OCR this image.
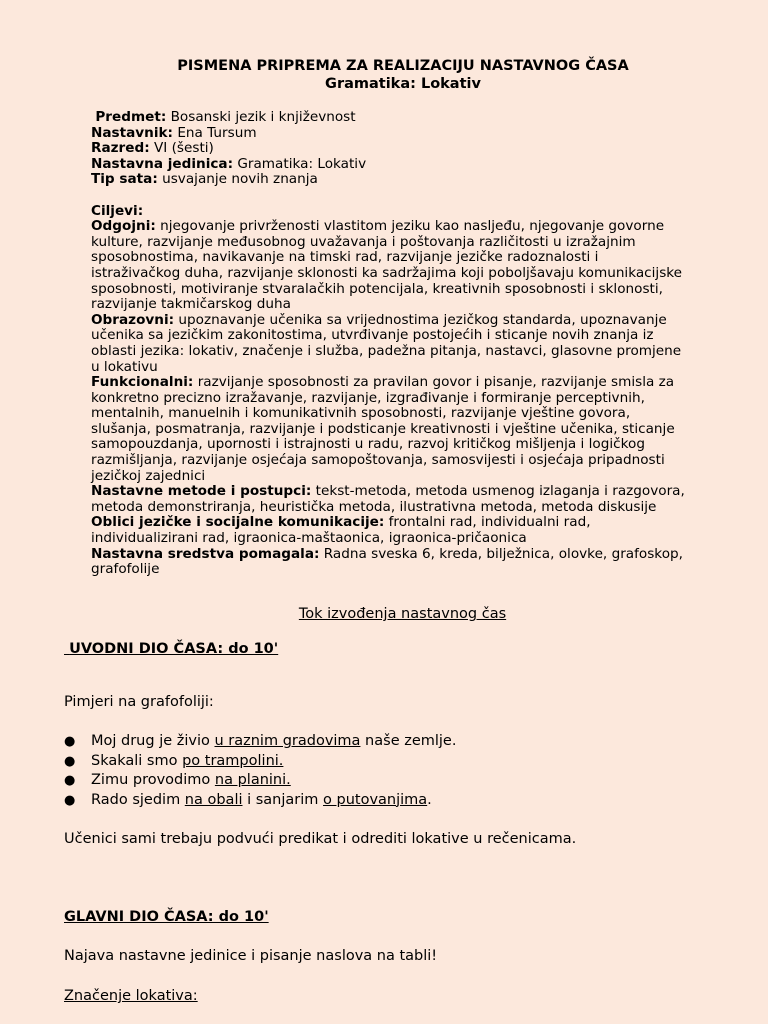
PISMENA PRIPREMA ZA REALIZACIJU NASTAVNOG ČASA
Gramatika: Lokativ
Predmet: Bosanski jezik i književnost
Nastavnik: Ena Tursum
Razred: VI (šesti)
Nastavna jedinica: Gramatika: Lokativ
Tip sata: usvajanje novih znanja
Ciljevi:
Odgojni: njegovanje privrženosti vlastitom jeziku kao nasljeđu, njegovanje govorne
kulture, razvijanje međusobnog uvažavanja i poštovanja različitosti u izražajnim
sposobnostima, navikavanje na timski rad, razvijanje jezičke radoznalosti i
istraživačkog duha, razvijanje sklonosti ka sadržajima koji poboljšavaju komunikacijske
sposobnosti, motiviranje stvaralačkih potencijala, kreativnih sposobnosti i sklonosti,
razvijanje takmičarskog duha
Obrazovni: upoznavanje učenika sa vrijednostima jezičkog standarda, upoznavanje
učenika sa jezičkim zakonitostima, utvrđivanje postojećih i sticanje novih znanja iz
oblasti jezika: lokativ, značenje i služba, padežna pitanja, nastavci, glasovne promjene
u lokativu
Funkcionalni: razvijanje sposobnosti za pravilan govor i pisanje, razvijanje smisla za
konkretno precizno izražavanje, razvijanje, izgrađivanje i formiranje perceptivnih,
mentalnih, manuelnih i komunikativnih sposobnosti, razvijanje vještine govora,
slušanja, posmatranja, razvijanje i podsticanje kreativnosti i vještine učenika, sticanje
samopouzdanja, upornosti i istrajnosti u radu, razvoj kritičkog mišljenja i logičkog
razmišljanja, razvijanje osjećaja samopoštovanja, samosvijesti i osjećaja pripadnosti
jezičkoj zajednici
Nastavne metode i postupci: tekst-metoda, metoda usmenog izlaganja i razgovora,
metoda demonstriranja, heuristička metoda, ilustrativna metoda, metoda diskusije
Oblici jezičke i socijalne komunikacije: frontalni rad, individualni rad,
individualizirani rad, igraonica-maštaonica, igraonica-pričaonica
Nastavna sredstva pomagala: Radna sveska 6, kreda, bilježnica, olovke, grafoskop,
grafofolije
Tok izvođenja nastavnog čas
UVODNI DIO ČASA: do 10'
Pimjeri na grafofoliji:
● Moj drug je živio u raznim gradovima naše zemlje.
● Skakali smo po trampolini.
● Zimu provodimo na planini.
● Rado sjedim na obali i sanjarim o putovanjima.
Učenici sami trebaju podvući predikat i odrediti lokative u rečenicama.
GLAVNI DIO ČASA: do 10'
Najava nastavne jedinice i pisanje naslova na tabli!
Značenje lokativa:
